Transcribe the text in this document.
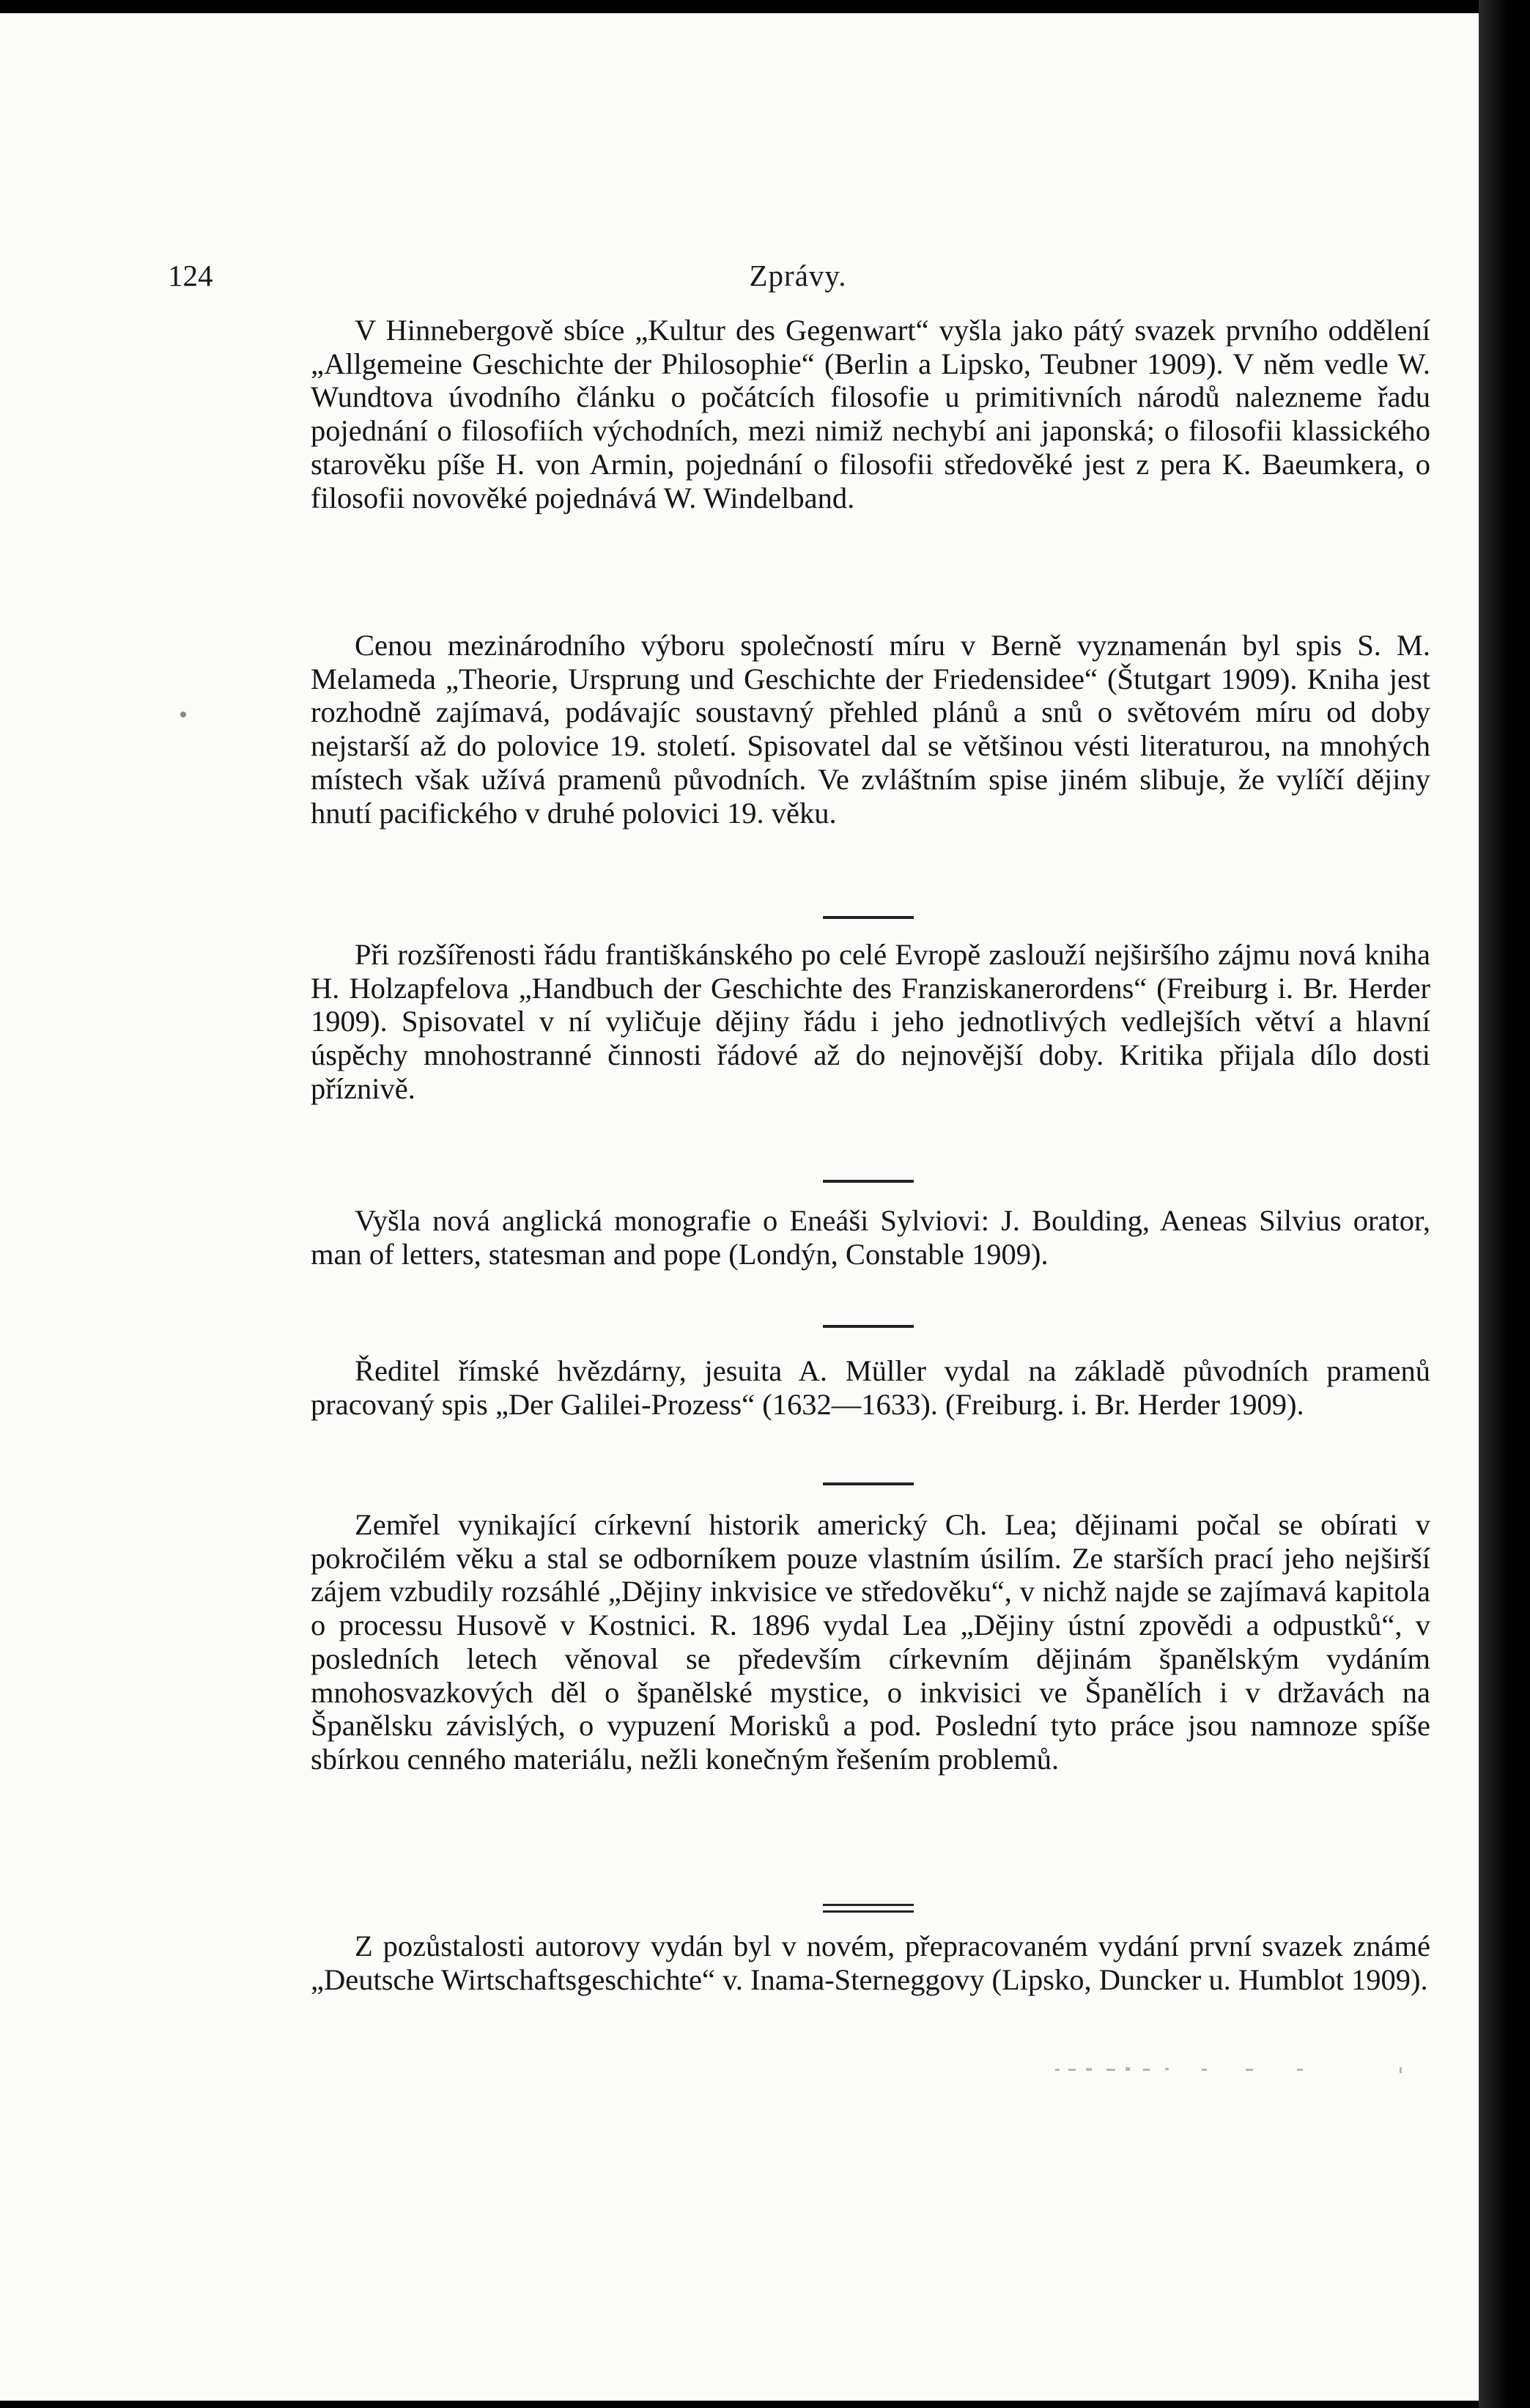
124	Zprávy.

V Hinnebergově sbíce „Kultur des Gegenwart“ vyšla jako pátý svazek prvního oddělení „Allgemeine Geschichte der Philosophie“ (Berlin a Lipsko, Teubner 1909). V něm vedle W. Wundtova úvodního článku o počátcích filosofie u primitivních národů nalezneme řadu pojednání o filosofiích východních, mezi nimiž nechybí ani japonská; o filosofii klassického starověku píše H. von Armin, pojednání o filosofii středověké jest z pera K. Baeumkera, o filosofii novověké pojednává W. Windelband.

Cenou mezinárodního výboru společností míru v Berně vyznamenán byl spis S. M. Melameda „Theorie, Ursprung und Geschichte der Friedensidee“ (Štutgart 1909). Kniha jest rozhodně zajímavá, podávajíc soustavný přehled plánů a snů o světovém míru od doby nejstarší až do polovice 19. století. Spisovatel dal se většinou vésti literaturou, na mnohých místech však užívá pramenů původních. Ve zvláštním spise jiném slibuje, že vylíčí dějiny hnutí pacifického v druhé polovici 19. věku.

Při rozšířenosti řádu františkánského po celé Evropě zaslouží nejširšího zájmu nová kniha H. Holzapfelova „Handbuch der Geschichte des Franziskanerordens“ (Freiburg i. Br. Herder 1909). Spisovatel v ní vyličuje dějiny řádu i jeho jednotlivých vedlejších větví a hlavní úspěchy mnohostranné činnosti řádové až do nejnovější doby. Kritika přijala dílo dosti příznivě.

Vyšla nová anglická monografie o Eneáši Sylviovi: J. Boulding, Aeneas Silvius orator, man of letters, statesman and pope (Londýn, Constable 1909).

Ředitel římské hvězdárny, jesuita A. Müller vydal na základě původních pramenů pracovaný spis „Der Galilei-Prozess“ (1632—1633). (Freiburg. i. Br. Herder 1909).

Zemřel vynikající církevní historik americký Ch. Lea; dějinami počal se obírati v pokročilém věku a stal se odborníkem pouze vlastním úsilím. Ze starších prací jeho nejširší zájem vzbudily rozsáhlé „Dějiny inkvisice ve středověku“, v nichž najde se zajímavá kapitola o processu Husově v Kostnici. R. 1896 vydal Lea „Dějiny ústní zpovědi a odpustků“, v posledních letech věnoval se především církevním dějinám španělským vydáním mnohosvazkových děl o španělské mystice, o inkvisici ve Španělích i v državách na Španělsku závislých, o vypuzení Morisků a pod. Poslední tyto práce jsou namnoze spíše sbírkou cenného materiálu, nežli konečným řešením problemů.

Z pozůstalosti autorovy vydán byl v novém, přepracovaném vydání první svazek známé „Deutsche Wirtschaftsgeschichte“ v. Inama-Sterneggovy (Lipsko, Duncker u. Humblot 1909).
